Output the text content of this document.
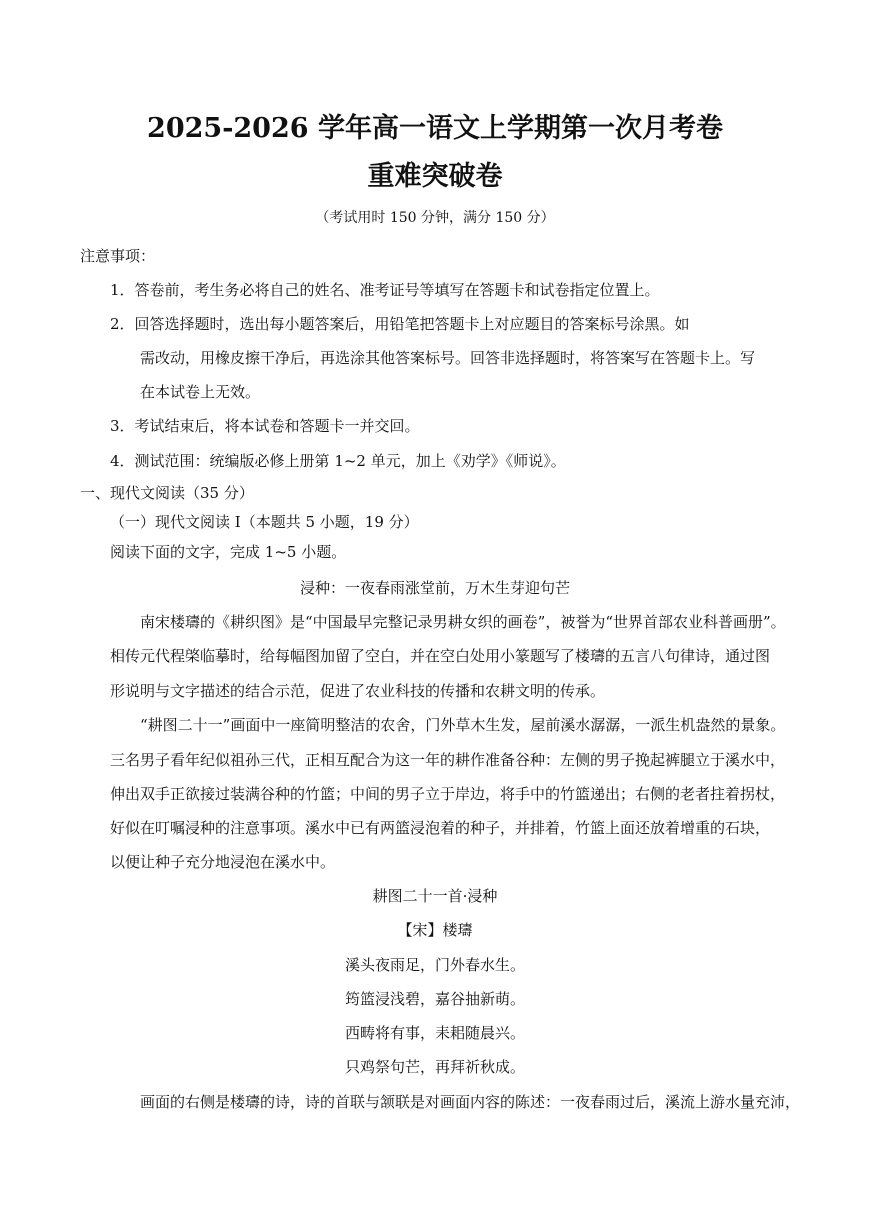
2025-2026 学年高一语文上学期第一次月考卷
重难突破卷
（考试用时 150 分钟，满分 150 分）
注意事项：
1．答卷前，考生务必将自己的姓名、准考证号等填写在答题卡和试卷指定位置上。
2．回答选择题时，选出每小题答案后，用铅笔把答题卡上对应题目的答案标号涂黑。如
需改动，用橡皮擦干净后，再选涂其他答案标号。回答非选择题时，将答案写在答题卡上。写
在本试卷上无效。
3．考试结束后，将本试卷和答题卡一并交回。
4．测试范围：统编版必修上册第 1~2 单元，加上《劝学》《师说》。
一、现代文阅读（35 分）
（一）现代文阅读 I（本题共 5 小题，19 分）
阅读下面的文字，完成 1~5 小题。
浸种：一夜春雨涨堂前，万木生芽迎句芒
南宋楼璹的《耕织图》是“中国最早完整记录男耕女织的画卷”，被誉为“世界首部农业科普画册”。
相传元代程棨临摹时，给每幅图加留了空白，并在空白处用小篆题写了楼璹的五言八句律诗，通过图
形说明与文字描述的结合示范，促进了农业科技的传播和农耕文明的传承。
“耕图二十一”画面中一座简明整洁的农舍，门外草木生发，屋前溪水潺潺，一派生机盎然的景象。
三名男子看年纪似祖孙三代，正相互配合为这一年的耕作准备谷种：左侧的男子挽起裤腿立于溪水中，
伸出双手正欲接过装满谷种的竹篮；中间的男子立于岸边，将手中的竹篮递出；右侧的老者拄着拐杖，
好似在叮嘱浸种的注意事项。溪水中已有两篮浸泡着的种子，并排着，竹篮上面还放着增重的石块，
以便让种子充分地浸泡在溪水中。
耕图二十一首·浸种
【宋】楼璹
溪头夜雨足，门外春水生。
筠篮浸浅碧，嘉谷抽新萌。
西畴将有事，耒耜随晨兴。
只鸡祭句芒，再拜祈秋成。
画面的右侧是楼璹的诗，诗的首联与颔联是对画面内容的陈述：一夜春雨过后，溪流上游水量充沛，
